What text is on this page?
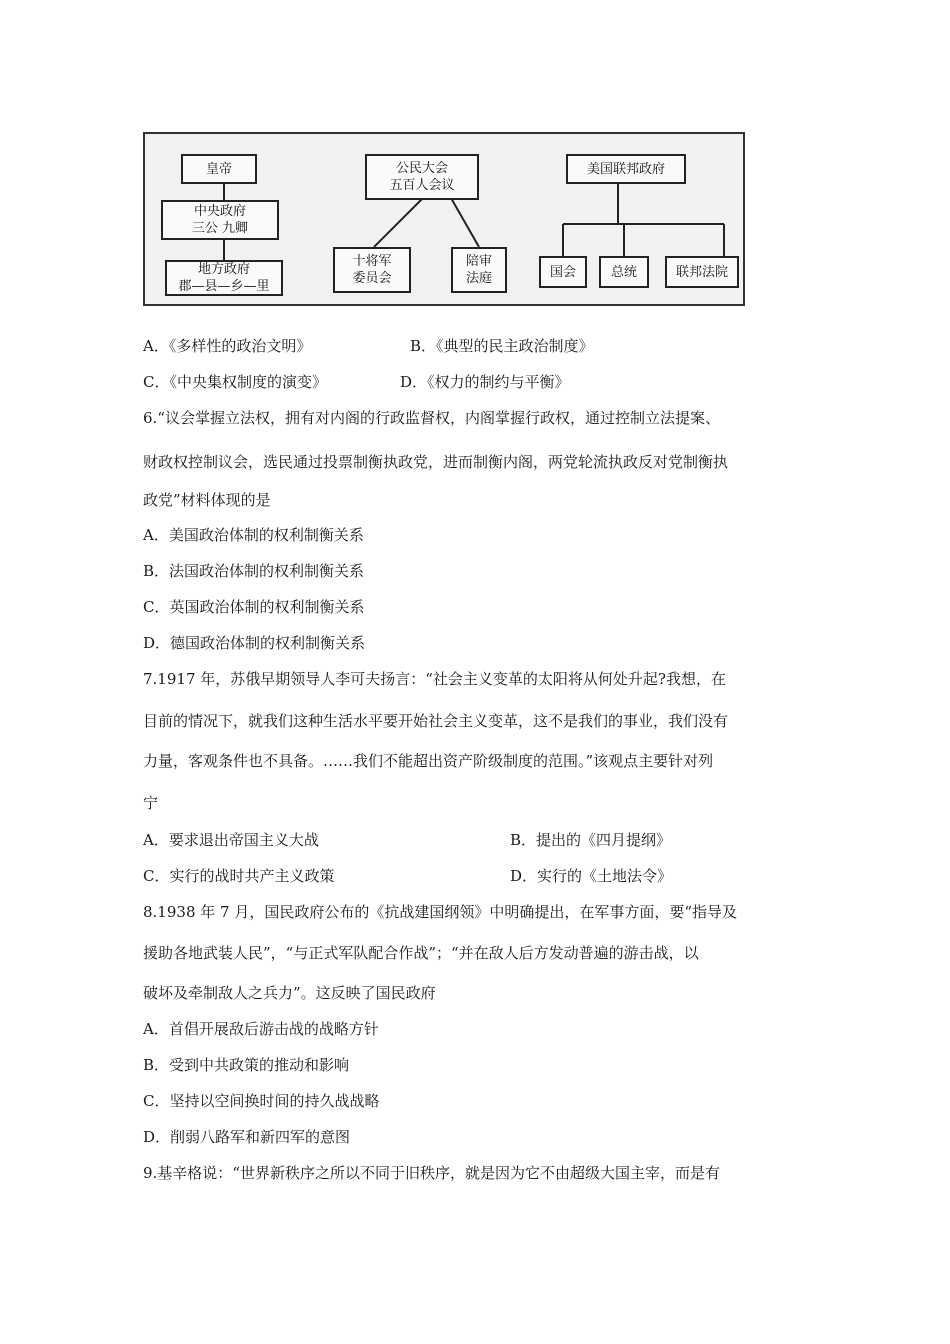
皇帝
中央政府
三公 九卿
地方政府
郡—县—乡—里
公民大会
五百人会议
十将军
委员会
陪审
法庭
美国联邦政府
国会	总统	联邦法院
A．《多样性的政治文明》	B．《典型的民主政治制度》
C．《中央集权制度的演变》	D．《权力的制约与平衡》
6.“议会掌握立法权，拥有对内阁的行政监督权，内阁掌握行政权，通过控制立法提案、
财政权控制议会，选民通过投票制衡执政党，进而制衡内阁，两党轮流执政反对党制衡执
政党”材料体现的是
A．美国政治体制的权利制衡关系
B．法国政治体制的权利制衡关系
C．英国政治体制的权利制衡关系
D．德国政治体制的权利制衡关系
7.1917 年，苏俄早期领导人李可夫扬言：“社会主义变革的太阳将从何处升起?我想，在
目前的情况下，就我们这种生活水平要开始社会主义变革，这不是我们的事业，我们没有
力量，客观条件也不具备。……我们不能超出资产阶级制度的范围。”该观点主要针对列
宁
A．要求退出帝国主义大战	B．提出的《四月提纲》
C．实行的战时共产主义政策	D．实行的《土地法令》
8.1938 年 7 月，国民政府公布的《抗战建国纲领》中明确提出，在军事方面，要“指导及
援助各地武装人民”，“与正式军队配合作战”；“并在敌人后方发动普遍的游击战，以
破坏及牵制敌人之兵力”。这反映了国民政府
A．首倡开展敌后游击战的战略方针
B．受到中共政策的推动和影响
C．坚持以空间换时间的持久战战略
D．削弱八路军和新四军的意图
9.基辛格说：“世界新秩序之所以不同于旧秩序，就是因为它不由超级大国主宰，而是有
